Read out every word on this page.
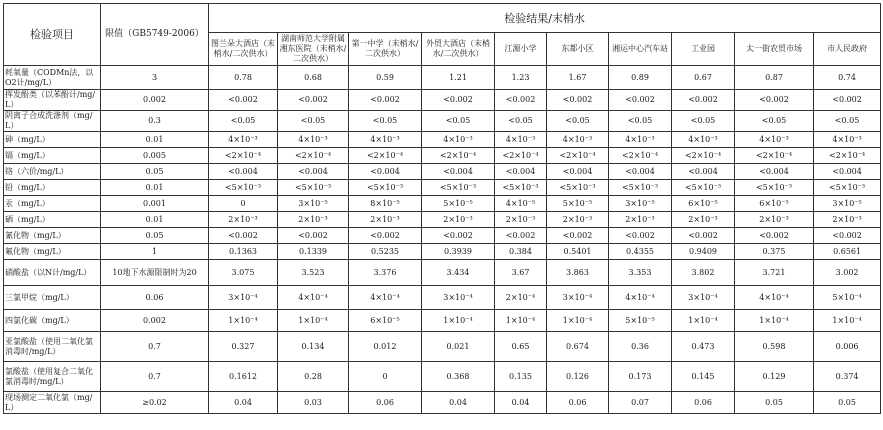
检验项目	限值（GB5749-2006）	检验结果/末梢水									
		图兰朵大酒店（末梢水/二次供水）	湖南师范大学附属湘东医院（末梢水/二次供水）	第一中学（末梢水/二次供水）	外贸大酒店（末梢水/二次供水）	江源小学	东都小区	湘运中心汽车站	工业园	太一街农贸市场	市人民政府
耗氧量（CODMn法，以O2计/mg/L）	3	0.78	0.68	0.59	1.21	1.23	1.67	0.89	0.67	0.87	0.74
挥发酚类（以苯酚计/mg/L）	0.002	<0.002	<0.002	<0.002	<0.002	<0.002	<0.002	<0.002	<0.002	<0.002	<0.002
阴离子合成洗涤剂（mg/L）	0.3	<0.05	<0.05	<0.05	<0.05	<0.05	<0.05	<0.05	<0.05	<0.05	<0.05
砷（mg/L）	0.01	4×10⁻³	4×10⁻³	4×10⁻³	4×10⁻³	4×10⁻³	4×10⁻³	4×10⁻³	4×10⁻³	4×10⁻³	4×10⁻³
镉（mg/L）	0.005	<2×10⁻⁴	<2×10⁻⁴	<2×10⁻⁴	<2×10⁻⁴	<2×10⁻⁴	<2×10⁻⁴	<2×10⁻⁴	<2×10⁻⁴	<2×10⁻⁴	<2×10⁻⁴
铬（六价/mg/L）	0.05	<0.004	<0.004	<0.004	<0.004	<0.004	<0.004	<0.004	<0.004	<0.004	<0.004
铅（mg/L）	0.01	<5×10⁻³	<5×10⁻³	<5×10⁻³	<5×10⁻³	<5×10⁻³	<5×10⁻³	<5×10⁻³	<5×10⁻³	<5×10⁻³	<5×10⁻³
汞（mg/L）	0.001	0	3×10⁻⁵	8×10⁻⁵	5×10⁻⁵	4×10⁻⁵	5×10⁻⁵	3×10⁻⁵	6×10⁻⁵	6×10⁻⁵	3×10⁻⁵
硒（mg/L）	0.01	2×10⁻³	2×10⁻³	2×10⁻³	2×10⁻³	2×10⁻³	2×10⁻³	2×10⁻³	2×10⁻³	2×10⁻³	2×10⁻³
氰化物（mg/L）	0.05	<0.002	<0.002	<0.002	<0.002	<0.002	<0.002	<0.002	<0.002	<0.002	<0.002
氟化物（mg/L）	1	0.1363	0.1339	0.5235	0.3939	0.384	0.5401	0.4355	0.9409	0.375	0.6561
硝酸盐（以N计/mg/L）	10地下水源限制时为20	3.075	3.523	3.376	3.434	3.67	3.863	3.353	3.802	3.721	3.002
三氯甲烷（mg/L）	0.06	3×10⁻⁴	4×10⁻⁴	4×10⁻⁴	3×10⁻⁴	2×10⁻⁴	3×10⁻⁴	4×10⁻⁴	3×10⁻⁴	4×10⁻⁴	5×10⁻⁴
四氯化碳（mg/L）	0.002	1×10⁻⁴	1×10⁻⁴	6×10⁻⁵	1×10⁻⁴	1×10⁻⁴	1×10⁻⁴	5×10⁻⁵	1×10⁻⁴	1×10⁻⁴	1×10⁻⁴
亚氯酸盐（使用二氧化氯消毒时/mg/L）	0.7	0.327	0.134	0.012	0.021	0.65	0.674	0.36	0.473	0.598	0.006
氯酸盐（使用复合二氧化氯消毒时/mg/L）	0.7	0.1612	0.28	0	0.368	0.135	0.126	0.173	0.145	0.129	0.374
现场测定二氧化氯（mg/L）	≥0.02	0.04	0.03	0.06	0.04	0.04	0.06	0.07	0.06	0.05	0.05
